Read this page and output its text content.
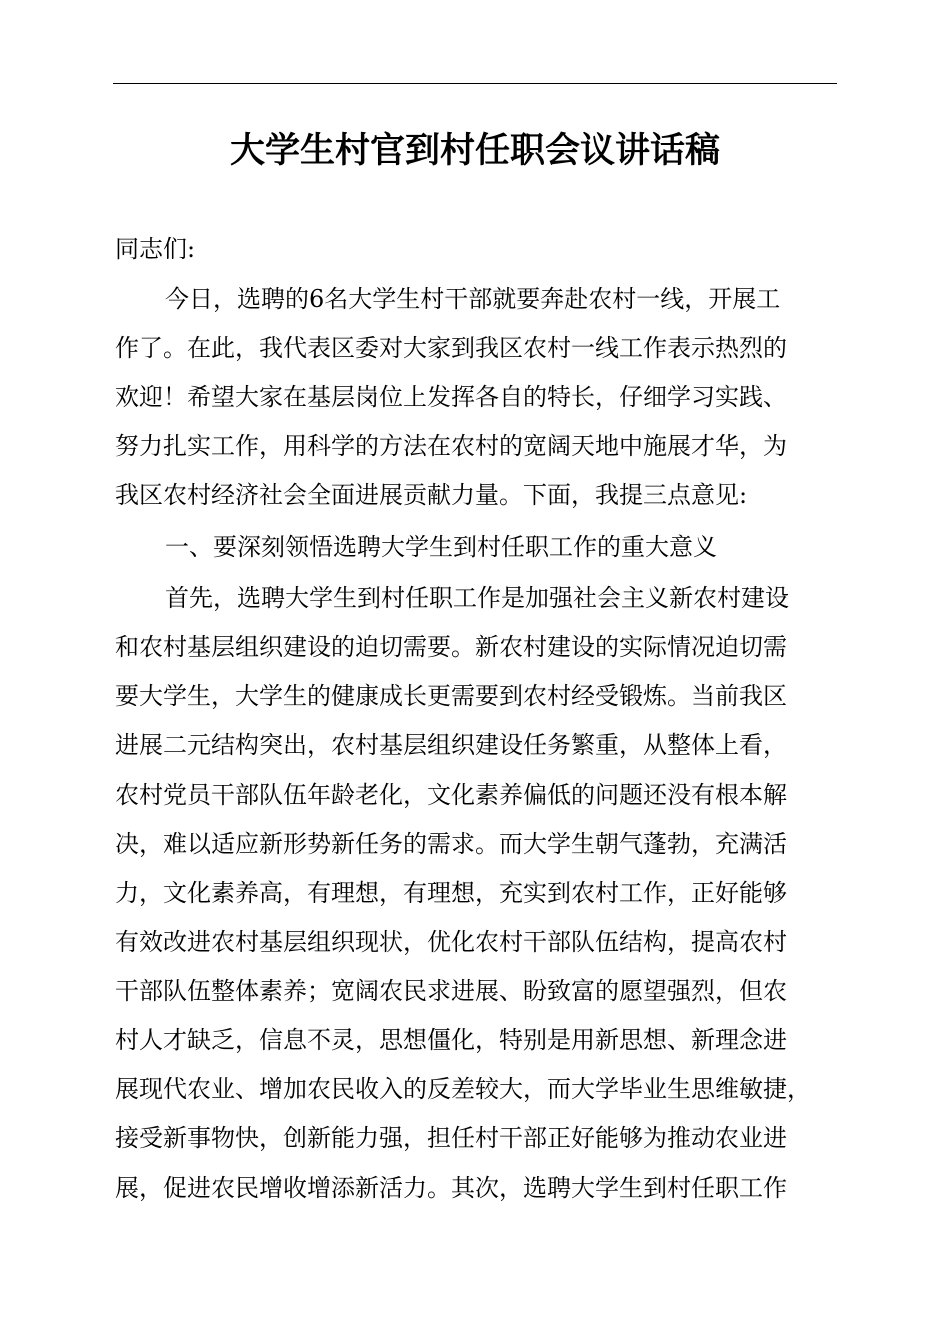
大学生村官到村任职会议讲话稿

同志们:

今日，选聘的6名大学生村干部就要奔赴农村一线，开展工

作了。在此，我代表区委对大家到我区农村一线工作表示热烈的

欢迎！希望大家在基层岗位上发挥各自的特长，仔细学习实践、

努力扎实工作，用科学的方法在农村的宽阔天地中施展才华，为

我区农村经济社会全面进展贡献力量。下面，我提三点意见:

一、要深刻领悟选聘大学生到村任职工作的重大意义

首先，选聘大学生到村任职工作是加强社会主义新农村建设

和农村基层组织建设的迫切需要。新农村建设的实际情况迫切需

要大学生，大学生的健康成长更需要到农村经受锻炼。当前我区

进展二元结构突出，农村基层组织建设任务繁重，从整体上看，

农村党员干部队伍年龄老化，文化素养偏低的问题还没有根本解

决，难以适应新形势新任务的需求。而大学生朝气蓬勃，充满活

力，文化素养高，有理想，有理想，充实到农村工作，正好能够

有效改进农村基层组织现状，优化农村干部队伍结构，提高农村

干部队伍整体素养；宽阔农民求进展、盼致富的愿望强烈，但农

村人才缺乏，信息不灵，思想僵化，特别是用新思想、新理念进

展现代农业、增加农民收入的反差较大，而大学毕业生思维敏捷，

接受新事物快，创新能力强，担任村干部正好能够为推动农业进

展，促进农民增收增添新活力。其次，选聘大学生到村任职工作
